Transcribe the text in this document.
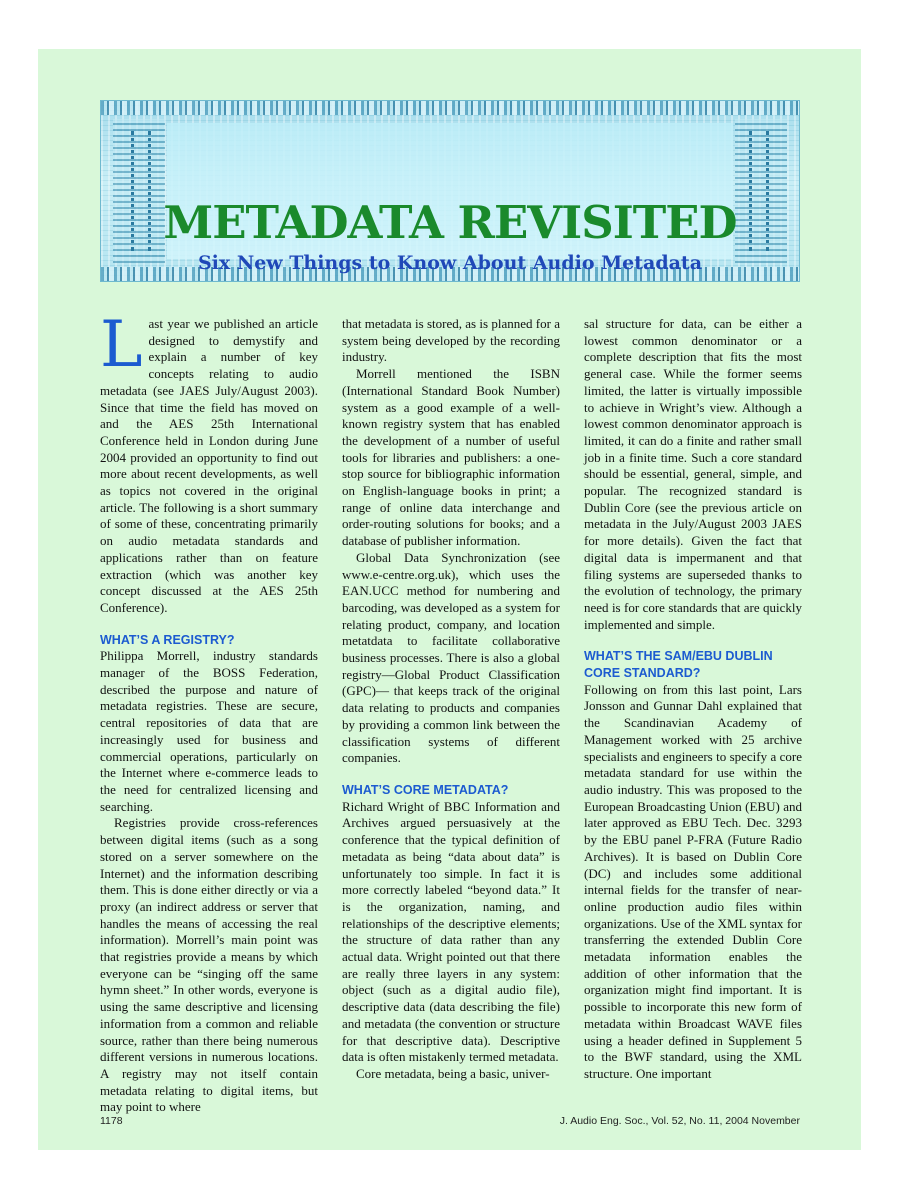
METADATA REVISITED
Six New Things to Know About Audio Metadata

Last year we published an article designed to demystify and explain a number of key concepts relating to audio metadata (see JAES July/August 2003). Since that time the field has moved on and the AES 25th International Conference held in London during June 2004 provided an opportunity to find out more about recent developments, as well as topics not covered in the original article. The following is a short summary of some of these, concentrating primarily on audio metadata standards and applications rather than on feature extraction (which was another key concept discussed at the AES 25th Conference).

WHAT’S A REGISTRY?

Philippa Morrell, industry standards manager of the BOSS Federation, described the purpose and nature of metadata registries. These are secure, central repositories of data that are increasingly used for business and commercial operations, particularly on the Internet where e-commerce leads to the need for centralized licensing and searching.

Registries provide cross-references between digital items (such as a song stored on a server somewhere on the Internet) and the information describing them. This is done either directly or via a proxy (an indirect address or server that handles the means of accessing the real information). Morrell’s main point was that registries provide a means by which everyone can be “singing off the same hymn sheet.” In other words, everyone is using the same descriptive and licensing information from a common and reliable source, rather than there being numerous different versions in numerous locations. A registry may not itself contain metadata relating to digital items, but may point to where

that metadata is stored, as is planned for a system being developed by the recording industry.

Morrell mentioned the ISBN (International Standard Book Number) system as a good example of a well-known registry system that has enabled the development of a number of useful tools for libraries and publishers: a one-stop source for bibliographic information on English-language books in print; a range of online data interchange and order-routing solutions for books; and a database of publisher information.

Global Data Synchronization (see www.e-centre.org.uk), which uses the EAN.UCC method for numbering and barcoding, was developed as a system for relating product, company, and location metatdata to facilitate collaborative business processes. There is also a global registry—Global Product Classification (GPC)— that keeps track of the original data relating to products and companies by providing a common link between the classification systems of different companies.

WHAT’S CORE METADATA?

Richard Wright of BBC Information and Archives argued persuasively at the conference that the typical definition of metadata as being “data about data” is unfortunately too simple. In fact it is more correctly labeled “beyond data.” It is the organization, naming, and relationships of the descriptive elements; the structure of data rather than any actual data. Wright pointed out that there are really three layers in any system: object (such as a digital audio file), descriptive data (data describing the file) and metadata (the convention or structure for that descriptive data). Descriptive data is often mistakenly termed metadata.

Core metadata, being a basic, univer-

sal structure for data, can be either a lowest common denominator or a complete description that fits the most general case. While the former seems limited, the latter is virtually impossible to achieve in Wright’s view. Although a lowest common denominator approach is limited, it can do a finite and rather small job in a finite time. Such a core standard should be essential, general, simple, and popular. The recognized standard is Dublin Core (see the previous article on metadata in the July/August 2003 JAES for more details). Given the fact that digital data is impermanent and that filing systems are superseded thanks to the evolution of technology, the primary need is for core standards that are quickly implemented and simple.

WHAT’S THE SAM/EBU DUBLIN CORE STANDARD?

Following on from this last point, Lars Jonsson and Gunnar Dahl explained that the Scandinavian Academy of Management worked with 25 archive specialists and engineers to specify a core metadata standard for use within the audio industry. This was proposed to the European Broadcasting Union (EBU) and later approved as EBU Tech. Dec. 3293 by the EBU panel P-FRA (Future Radio Archives). It is based on Dublin Core (DC) and includes some additional internal fields for the transfer of near-online production audio files within organizations. Use of the XML syntax for transferring the extended Dublin Core metadata information enables the addition of other information that the organization might find important. It is possible to incorporate this new form of metadata within Broadcast WAVE files using a header defined in Supplement 5 to the BWF standard, using the XML structure. One important

1178	J. Audio Eng. Soc., Vol. 52, No. 11, 2004 November
